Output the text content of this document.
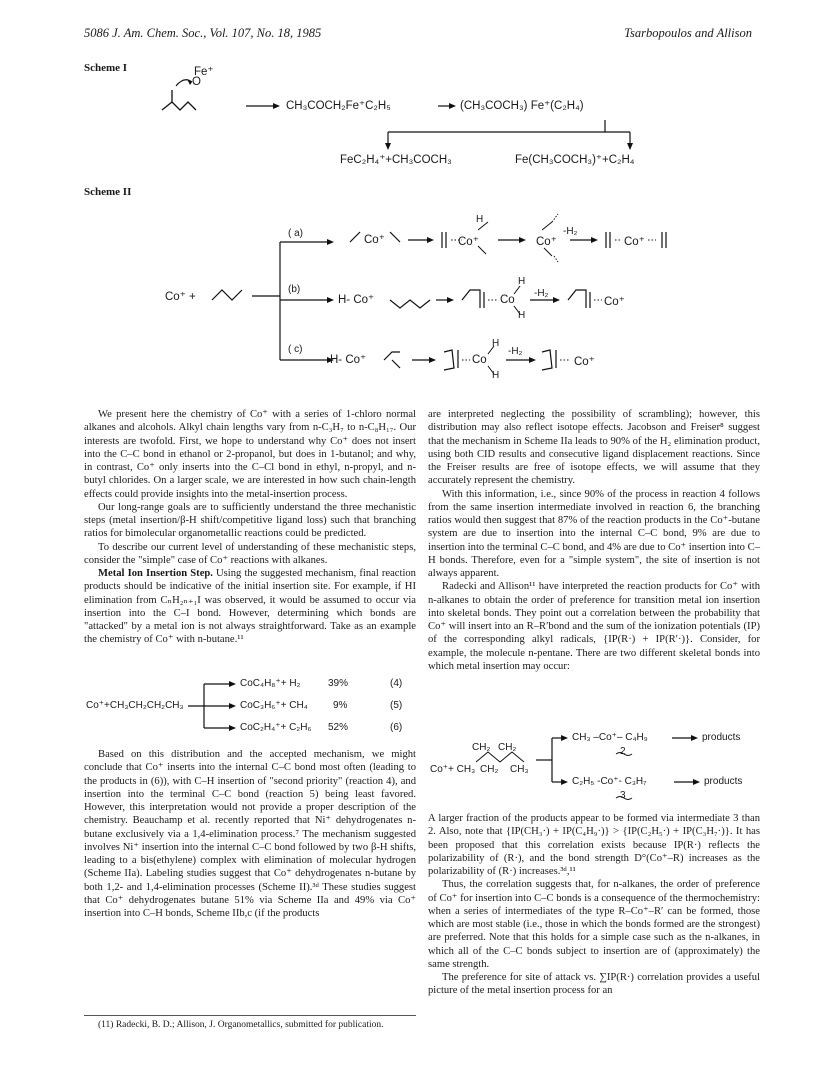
5086 J. Am. Chem. Soc., Vol. 107, No. 18, 1985	Tsarbopoulos and Allison
Scheme I
O
Fe⁺
CH₃COCH₂Fe⁺C₂H₅	(CH₃COCH₃) Fe⁺(C₂H₄)
FeC₂H₄⁺+CH₃COCH₃	Fe(CH₃COCH₃)⁺+C₂H₄
Scheme II
Co⁺ +
( a)
(b)
( c)
Co⁺	Co⁺
H
Co⁺
-H₂
Co⁺
H- Co⁺	Co
H
H
-H₂
Co⁺
H- Co⁺	Co
H
H
-H₂
Co⁺

We present here the chemistry of Co⁺ with a series of 1-chloro normal alkanes and alcohols. Alkyl chain lengths vary from n-C₃H₇ to n-C₈H₁₇. Our interests are twofold. First, we hope to understand why Co⁺ does not insert into the C–C bond in ethanol or 2-propanol, but does in 1-butanol; and why, in contrast, Co⁺ only inserts into the C–Cl bond in ethyl, n-propyl, and n-butyl chlorides. On a larger scale, we are interested in how such chain-length effects could provide insights into the metal-insertion process.

Our long-range goals are to sufficiently understand the three mechanistic steps (metal insertion/β-H shift/competitive ligand loss) such that branching ratios for bimolecular organometallic reactions could be predicted.

To describe our current level of understanding of these mechanistic steps, consider the "simple" case of Co⁺ reactions with alkanes.

Metal Ion Insertion Step. Using the suggested mechanism, final reaction products should be indicative of the initial insertion site. For example, if HI elimination from CₙH₂ₙ₊₁I was observed, it would be assumed to occur via insertion into the C–I bond. However, determining which bonds are "attacked" by a metal ion is not always straightforward. Take as an example the chemistry of Co⁺ with n-butane.¹¹

Co⁺+CH₃CH₂CH₂CH₃
CoC₄H₈⁺+ H₂	39%	(4)
CoC₃H₆⁺+ CH₄	9%	(5)
CoC₂H₄⁺+ C₂H₆ 52%	(6)

Based on this distribution and the accepted mechanism, we might conclude that Co⁺ inserts into the internal C–C bond most often (leading to the products in (6)), with C–H insertion of "second priority" (reaction 4), and insertion into the terminal C–C bond (reaction 5) being least favored. However, this interpretation would not provide a proper description of the chemistry. Beauchamp et al. recently reported that Ni⁺ dehydrogenates n-butane exclusively via a 1,4-elimination process.⁷ The mechanism suggested involves Ni⁺ insertion into the internal C–C bond followed by two β-H shifts, leading to a bis(ethylene) complex with elimination of molecular hydrogen (Scheme IIa). Labeling studies suggest that Co⁺ dehydrogenates n-butane by both 1,2- and 1,4-elimination processes (Scheme II).³ᵈ These studies suggest that Co⁺ dehydrogenates butane 51% via Scheme IIa and 49% via Co⁺ insertion into C–H bonds, Scheme IIb,c (if the products

(11) Radecki, B. D.; Allison, J. Organometallics, submitted for publication.

are interpreted neglecting the possibility of scrambling); however, this distribution may also reflect isotope effects. Jacobson and Freiser⁸ suggest that the mechanism in Scheme IIa leads to 90% of the H₂ elimination product, using both CID results and consecutive ligand displacement reactions. Since the Freiser results are free of isotope effects, we will assume that they accurately represent the chemistry.

With this information, i.e., since 90% of the process in reaction 4 follows from the same insertion intermediate involved in reaction 6, the branching ratios would then suggest that 87% of the reaction products in the Co⁺-butane system are due to insertion into the internal C–C bond, 9% are due to insertion into the terminal C–C bond, and 4% are due to Co⁺ insertion into C–H bonds. Therefore, even for a "simple system", the site of insertion is not always apparent.

Radecki and Allison¹¹ have interpreted the reaction products for Co⁺ with n-alkanes to obtain the order of preference for transition metal ion insertion into skeletal bonds. They point out a correlation between the probability that Co⁺ will insert into an R–R′bond and the sum of the ionization potentials (IP) of the corresponding alkyl radicals, {IP(R·) + IP(R′·)}. Consider, for example, the molecule n-pentane. There are two different skeletal bonds into which metal insertion may occur:

Co⁺+ CH₃
CH₂
CH₂
CH₂
CH₃
CH₃ –Co⁺– C₄H₉	products
2
C₂H₅ -Co⁺- C₃H₇	products
3

A larger fraction of the products appear to be formed via intermediate 3 than 2. Also, note that {IP(CH₃·) + IP(C₄H₉·)} > {IP(C₂H₅·) + IP(C₃H₇·)}. It has been proposed that this correlation exists because IP(R·) reflects the polarizability of (R·), and the bond strength D°(Co⁺–R) increases as the polarizability of (R·) increases.³ᵈ,¹¹

Thus, the correlation suggests that, for n-alkanes, the order of preference of Co⁺ for insertion into C–C bonds is a consequence of the thermochemistry: when a series of intermediates of the type R–Co⁺–R′ can be formed, those which are most stable (i.e., those in which the bonds formed are the strongest) are preferred. Note that this holds for a simple case such as the n-alkanes, in which all of the C–C bonds subject to insertion are of (approximately) the same strength.

The preference for site of attack vs. ∑IP(R·) correlation provides a useful picture of the metal insertion process for an
